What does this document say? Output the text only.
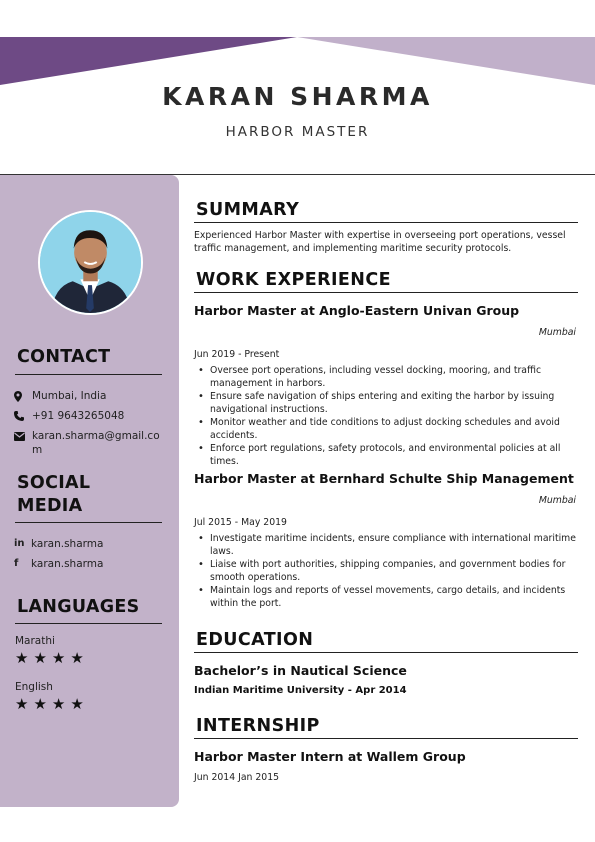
KARAN SHARMA
HARBOR MASTER
CONTACT
Mumbai, India
+91 9643265048
karan.sharma@gmail.com
SOCIAL MEDIA
in karan.sharma
f	karan.sharma
LANGUAGES
Marathi
★★★★
English
★★★★
SUMMARY
Experienced Harbor Master with expertise in overseeing port operations, vessel traffic management, and implementing maritime security protocols.
WORK EXPERIENCE
Harbor Master at Anglo-Eastern Univan Group
Mumbai
Jun 2019 - Present
• Oversee port operations, including vessel docking, mooring, and traffic management in harbors.
• Ensure safe navigation of ships entering and exiting the harbor by issuing navigational instructions.
• Monitor weather and tide conditions to adjust docking schedules and avoid accidents.
• Enforce port regulations, safety protocols, and environmental policies at all times.
Harbor Master at Bernhard Schulte Ship Management
Mumbai
Jul 2015 - May 2019
• Investigate maritime incidents, ensure compliance with international maritime laws.
• Liaise with port authorities, shipping companies, and government bodies for smooth operations.
• Maintain logs and reports of vessel movements, cargo details, and incidents within the port.
EDUCATION
Bachelor’s in Nautical Science
Indian Maritime University - Apr 2014
INTERNSHIP
Harbor Master Intern at Wallem Group
Jun 2014 Jan 2015
